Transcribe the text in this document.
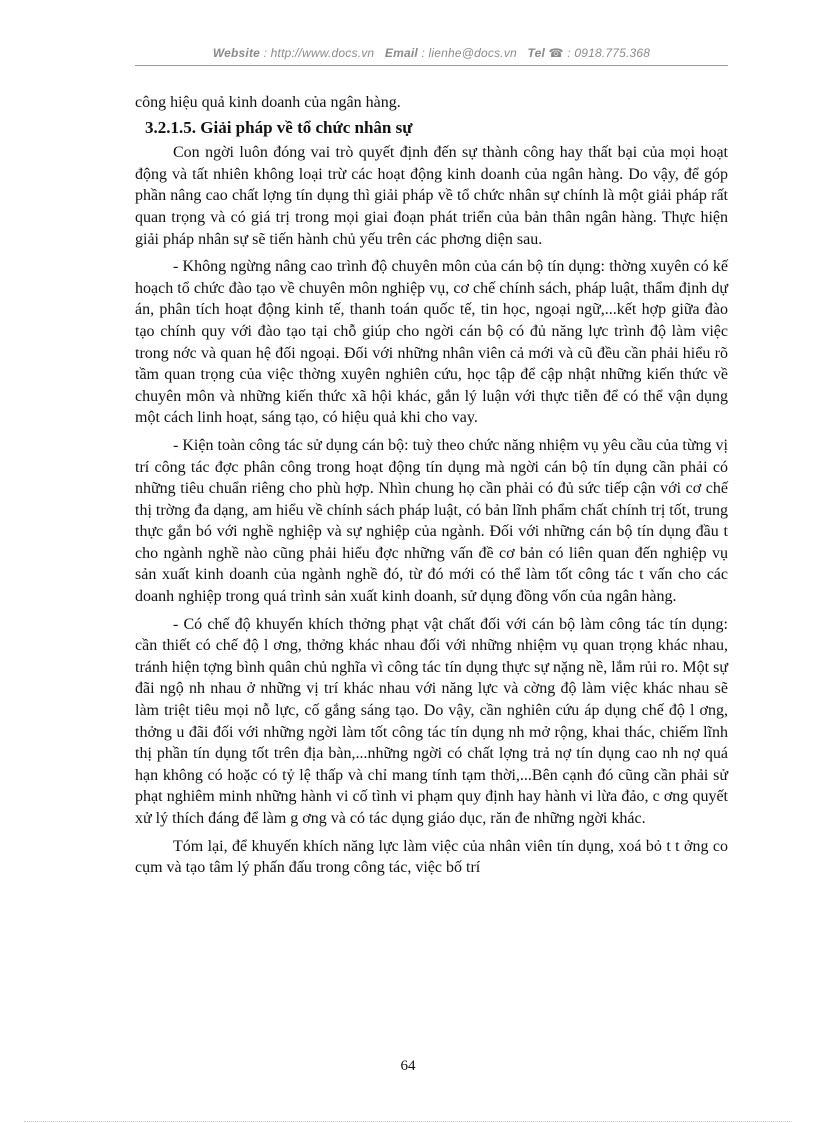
Website : http://www.docs.vn Email : lienhe@docs.vn Tel ☎ : 0918.775.368

công hiệu quả kinh doanh của ngân hàng.

3.2.1.5. Giải pháp về tổ chức nhân sự

Con ngời luôn đóng vai trò quyết định đến sự thành công hay thất bại của mọi hoạt động và tất nhiên không loại trừ các hoạt động kinh doanh của ngân hàng. Do vậy, để góp phần nâng cao chất lợng tín dụng thì giải pháp về tổ chức nhân sự chính là một giải pháp rất quan trọng và có giá trị trong mọi giai đoạn phát triển của bản thân ngân hàng. Thực hiện giải pháp nhân sự sẽ tiến hành chủ yếu trên các phơng diện sau.

- Không ngừng nâng cao trình độ chuyên môn của cán bộ tín dụng: thờng xuyên có kế hoạch tổ chức đào tạo về chuyên môn nghiệp vụ, cơ chế chính sách, pháp luật, thẩm định dự án, phân tích hoạt động kinh tế, thanh toán quốc tế, tin học, ngoại ngữ,...kết hợp giữa đào tạo chính quy với đào tạo tại chỗ giúp cho ngời cán bộ có đủ năng lực trình độ làm việc trong nớc và quan hệ đối ngoại. Đối với những nhân viên cả mới và cũ đều cần phải hiểu rõ tầm quan trọng của việc thờng xuyên nghiên cứu, học tập để cập nhật những kiến thức về chuyên môn và những kiến thức xã hội khác, gắn lý luận với thực tiễn để có thể vận dụng một cách linh hoạt, sáng tạo, có hiệu quả khi cho vay.

- Kiện toàn công tác sử dụng cán bộ: tuỳ theo chức năng nhiệm vụ yêu cầu của từng vị trí công tác đợc phân công trong hoạt động tín dụng mà ngời cán bộ tín dụng cần phải có những tiêu chuẩn riêng cho phù hợp. Nhìn chung họ cần phải có đủ sức tiếp cận với cơ chế thị trờng đa dạng, am hiểu về chính sách pháp luật, có bản lĩnh phẩm chất chính trị tốt, trung thực gắn bó với nghề nghiệp và sự nghiệp của ngành. Đối với những cán bộ tín dụng đầu t cho ngành nghề nào cũng phải hiểu đợc những vấn đề cơ bản có liên quan đến nghiệp vụ sản xuất kinh doanh của ngành nghề đó, từ đó mới có thể làm tốt công tác t vấn cho các doanh nghiệp trong quá trình sản xuất kinh doanh, sử dụng đồng vốn của ngân hàng.

- Có chế độ khuyến khích thởng phạt vật chất đối với cán bộ làm công tác tín dụng: cần thiết có chế độ l ơng, thởng khác nhau đối với những nhiệm vụ quan trọng khác nhau, tránh hiện tợng bình quân chủ nghĩa vì công tác tín dụng thực sự nặng nề, lắm rủi ro. Một sự đãi ngộ nh nhau ở những vị trí khác nhau với năng lực và cờng độ làm việc khác nhau sẽ làm triệt tiêu mọi nỗ lực, cố gắng sáng tạo. Do vậy, cần nghiên cứu áp dụng chế độ l ơng, thởng u đãi đối với những ngời làm tốt công tác tín dụng nh mở rộng, khai thác, chiếm lĩnh thị phần tín dụng tốt trên địa bàn,...những ngời có chất lợng trả nợ tín dụng cao nh nợ quá hạn không có hoặc có tỷ lệ thấp và chỉ mang tính tạm thời,...Bên cạnh đó cũng cần phải sử phạt nghiêm minh những hành vi cố tình vi phạm quy định hay hành vi lừa đảo, c ơng quyết xử lý thích đáng để làm g ơng và có tác dụng giáo dục, răn đe những ngời khác.

Tóm lại, để khuyến khích năng lực làm việc của nhân viên tín dụng, xoá bỏ t t ởng co cụm và tạo tâm lý phấn đấu trong công tác, việc bố trí

64
